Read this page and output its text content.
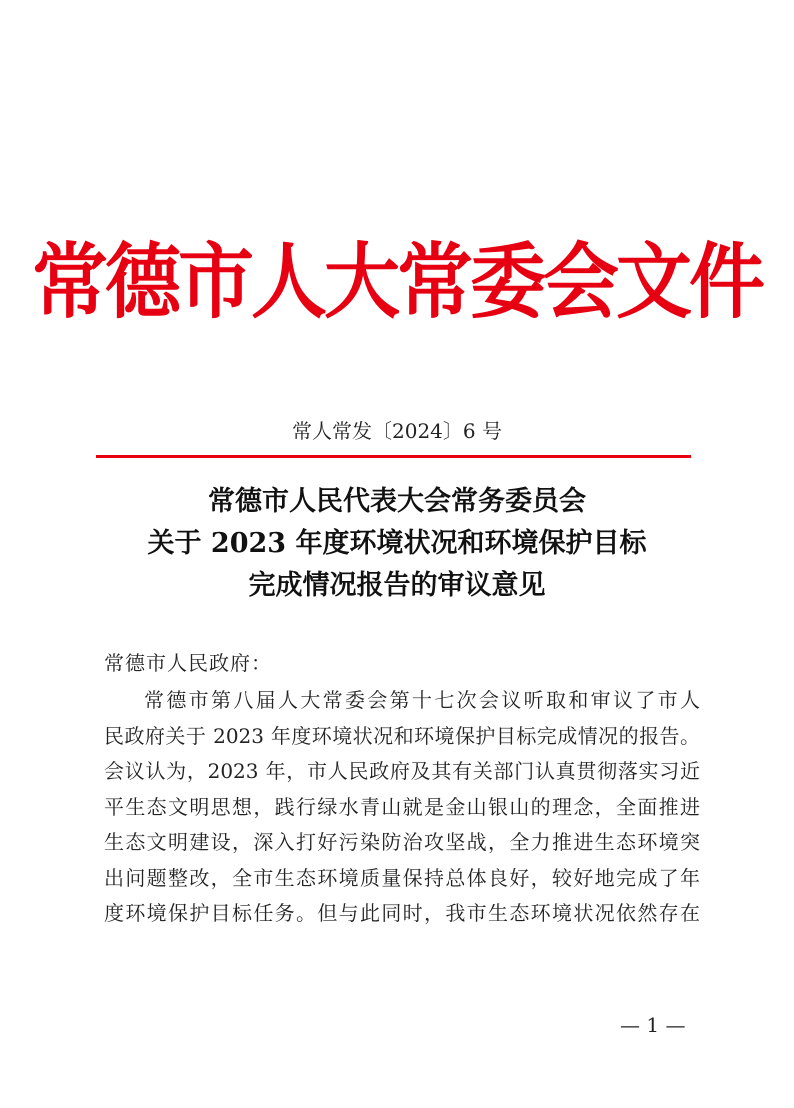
常德市人大常委会文件
常人常发〔2024〕6 号
常德市人民代表大会常务委员会
关于 2023 年度环境状况和环境保护目标
完成情况报告的审议意见
常德市人民政府：
常德市第八届人大常委会第十七次会议听取和审议了市人
民政府关于 2023 年度环境状况和环境保护目标完成情况的报告。
会议认为，2023 年，市人民政府及其有关部门认真贯彻落实习近
平生态文明思想，践行绿水青山就是金山银山的理念，全面推进
生态文明建设，深入打好污染防治攻坚战，全力推进生态环境突
出问题整改，全市生态环境质量保持总体良好，较好地完成了年
度环境保护目标任务。但与此同时，我市生态环境状况依然存在
— 1 —
